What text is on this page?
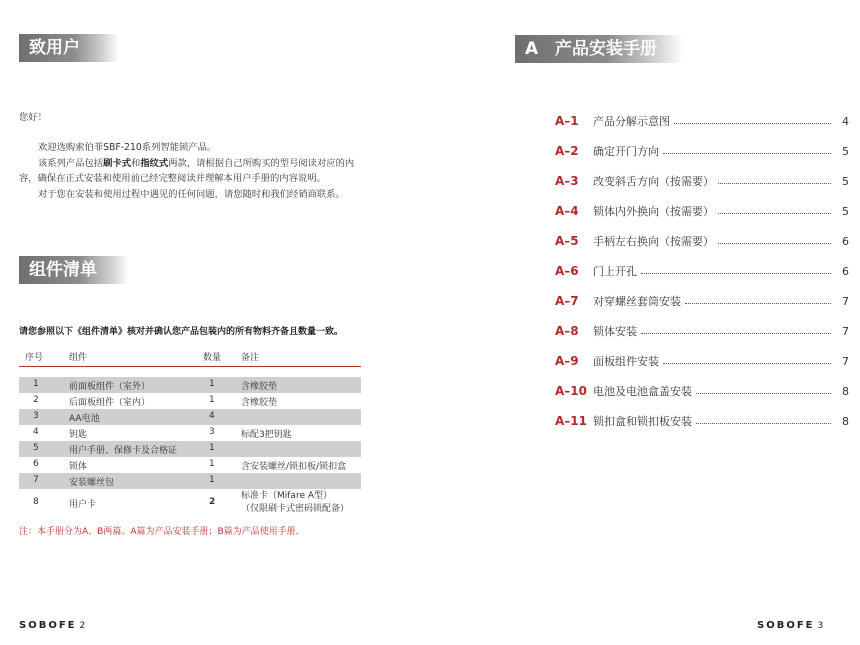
致用户
您好！

欢迎选购索伯菲SBF-210系列智能锁产品。

该系列产品包括刷卡式和指纹式两款，请根据自己所购买的型号阅读对应的内容，确保在正式安装和使用前已经完整阅读并理解本用户手册的内容说明。

对于您在安装和使用过程中遇见的任何问题，请您随时和我们经销商联系。

组件清单
请您参照以下《组件清单》核对并确认您产品包装内的所有物料齐备且数量一致。
序号	组件	数量 备注
1	前面板组件（室外）	1	含橡胶垫
2	后面板组件（室内）	1	含橡胶垫
3	AA电池	4
4	钥匙	3	标配3把钥匙
5	用户手册、保修卡及合格证	1
6	锁体	1	含安装螺丝/锁扣板/锁扣盒
7	安装螺丝包	1
8	用户卡	2
标准卡（Mifare A型）
（仅限刷卡式密码锁配备）
注：本手册分为A、B两篇。A篇为产品安装手册；B篇为产品使用手册。
SOBOFE 2
A 产品安装手册
A–1	产品分解示意图	4
A–2	确定开门方向	5
A–3	改变斜舌方向（按需要）	5
A–4	锁体内外换向（按需要）	5
A–5	手柄左右换向（按需要）	6
A–6	门上开孔	6
A–7	对穿螺丝套筒安装	7
A–8	锁体安装	7
A–9	面板组件安装	7
A–10 电池及电池盒盖安装	8
A–11 锁扣盒和锁扣板安装	8
SOBOFE 3
